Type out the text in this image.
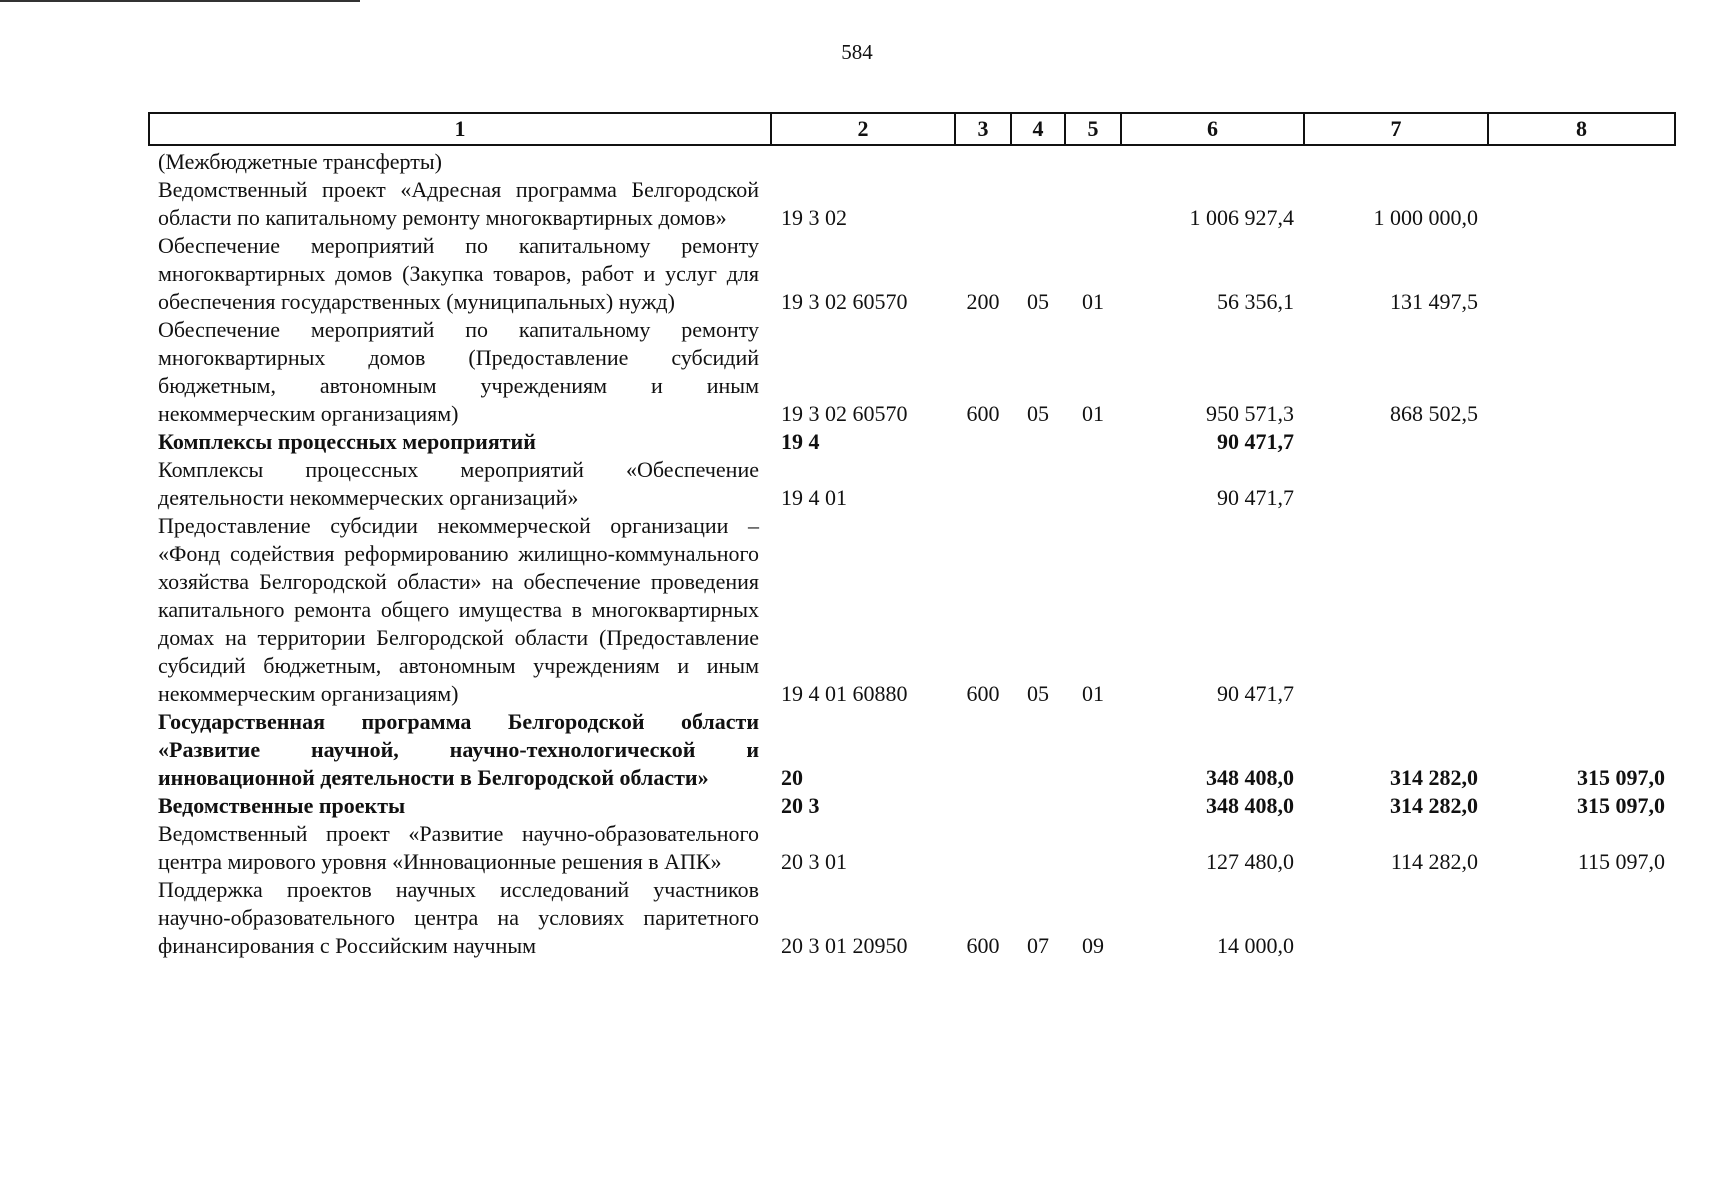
584
1	2	3	4	5	6	7	8
(Межбюджетные трансферты)							
Ведомственный проект «Адресная программа Белгородской области по капитальному ремонту многоквартирных домов»	19 3 02				1 006 927,4	1 000 000,0	
Обеспечение мероприятий по капитальному ремонту многоквартирных домов (Закупка товаров, работ и услуг для обеспечения государственных (муниципальных) нужд)	19 3 02 60570	200	05	01	56 356,1	131 497,5	
Обеспечение мероприятий по капитальному ремонту многоквартирных домов (Предоставление субсидий бюджетным, автономным учреждениям и иным некоммерческим организациям)	19 3 02 60570	600	05	01	950 571,3	868 502,5	
Комплексы процессных мероприятий	19 4				90 471,7		
Комплексы процессных мероприятий «Обеспечение деятельности некоммерческих организаций»	19 4 01				90 471,7		
Предоставление субсидии некоммерческой организации – «Фонд содействия реформированию жилищно-коммунального хозяйства Белгородской области» на обеспечение проведения капитального ремонта общего имущества в многоквартирных домах на территории Белгородской области (Предоставление субсидий бюджетным, автономным учреждениям и иным некоммерческим организациям)	19 4 01 60880	600	05	01	90 471,7		
Государственная программа Белгородской области «Развитие научной, научно-технологической и инновационной деятельности в Белгородской области»	20				348 408,0	314 282,0	315 097,0
Ведомственные проекты	20 3				348 408,0	314 282,0	315 097,0
Ведомственный проект «Развитие научно-образовательного центра мирового уровня «Инновационные решения в АПК»	20 3 01				127 480,0	114 282,0	115 097,0
Поддержка проектов научных исследований участников научно-образовательного центра на условиях паритетного финансирования с Российским научным	20 3 01 20950	600	07	09	14 000,0		
